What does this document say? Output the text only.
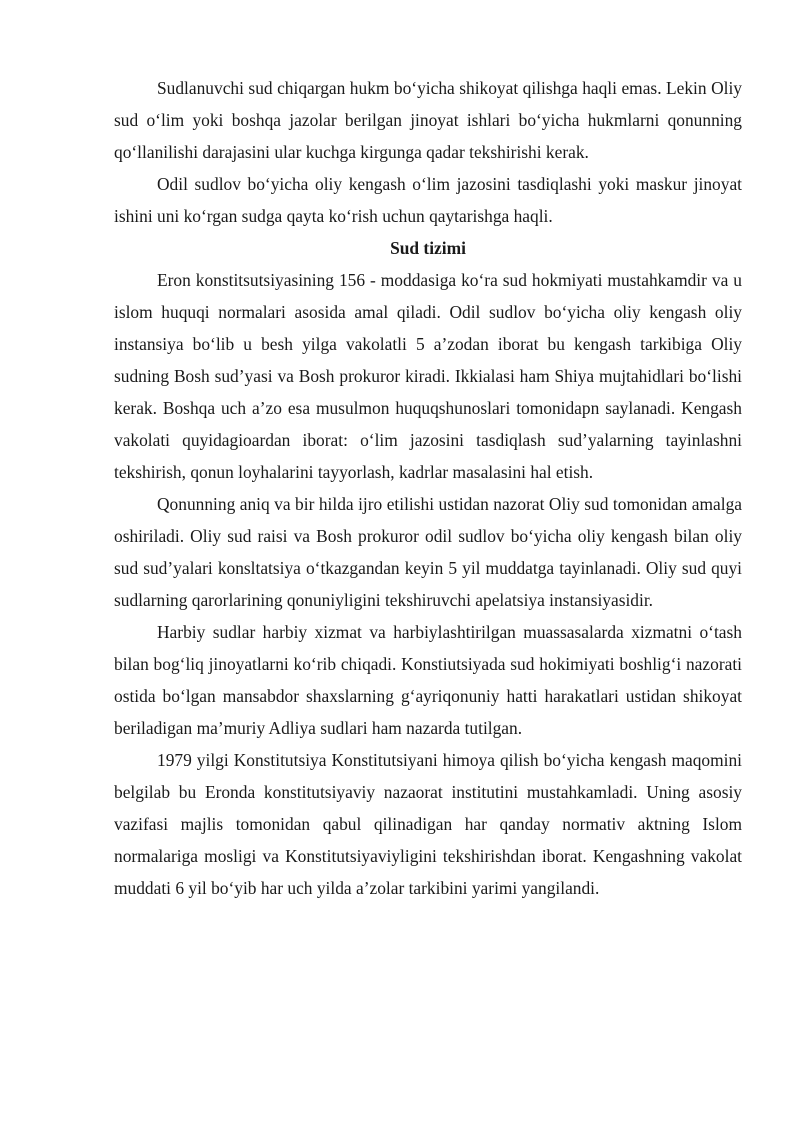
Sudlanuvchi sud chiqargan hukm bo‘yicha shikoyat qilishga haqli emas. Lekin Oliy sud o‘lim yoki boshqa jazolar berilgan jinoyat ishlari bo‘yicha hukmlarni qonunning qo‘llanilishi darajasini ular kuchga kirgunga qadar tekshirishi kerak.

Odil sudlov bo‘yicha oliy kengash o‘lim jazosini tasdiqlashi yoki maskur jinoyat ishini uni ko‘rgan sudga qayta ko‘rish uchun qaytarishga haqli.

Sud tizimi

Eron konstitsutsiyasining 156 - moddasiga ko‘ra sud hokmiyati mustahkamdir va u islom huquqi normalari asosida amal qiladi. Odil sudlov bo‘yicha oliy kengash oliy instansiya bo‘lib u besh yilga vakolatli 5 a’zodan iborat bu kengash tarkibiga Oliy sudning Bosh sud’yasi va Bosh prokuror kiradi. Ikkialasi ham Shiya mujtahidlari bo‘lishi kerak. Boshqa uch a’zo esa musulmon huquqshunoslari tomonidapn saylanadi. Kengash vakolati quyidagioardan iborat: o‘lim jazosini tasdiqlash sud’yalarning tayinlashni tekshirish, qonun loyhalarini tayyorlash, kadrlar masalasini hal etish.

Qonunning aniq va bir hilda ijro etilishi ustidan nazorat Oliy sud tomonidan amalga oshiriladi. Oliy sud raisi va Bosh prokuror odil sudlov bo‘yicha oliy kengash bilan oliy sud sud’yalari konsltatsiya o‘tkazgandan keyin 5 yil muddatga tayinlanadi. Oliy sud quyi sudlarning qarorlarining qonuniyligini tekshiruvchi apelatsiya instansiyasidir.

Harbiy sudlar harbiy xizmat va harbiylashtirilgan muassasalarda xizmatni o‘tash bilan bog‘liq jinoyatlarni ko‘rib chiqadi. Konstiutsiyada sud hokimiyati boshlig‘i nazorati ostida bo‘lgan mansabdor shaxslarning g‘ayriqonuniy hatti harakatlari ustidan shikoyat beriladigan ma’muriy Adliya sudlari ham nazarda tutilgan.

1979 yilgi Konstitutsiya Konstitutsiyani himoya qilish bo‘yicha kengash maqomini belgilab bu Eronda konstitutsiyaviy nazaorat institutini mustahkamladi. Uning asosiy vazifasi majlis tomonidan qabul qilinadigan har qanday normativ aktning Islom normalariga mosligi va Konstitutsiyaviyligini tekshirishdan iborat. Kengashning vakolat muddati 6 yil bo‘yib har uch yilda a’zolar tarkibini yarimi yangilandi.
